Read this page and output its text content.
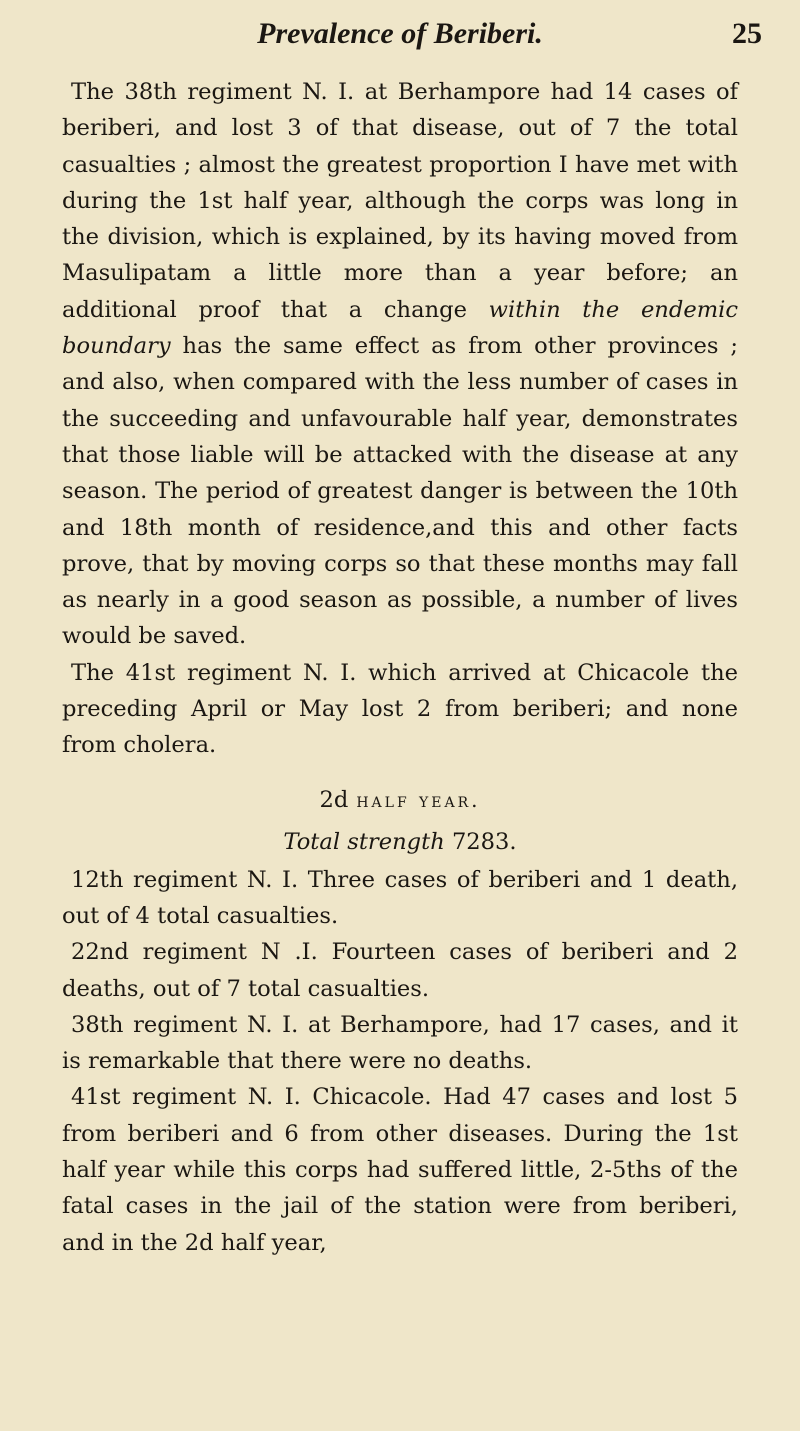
Prevalence of Beriberi.	25

The 38th regiment N. I. at Berhampore had 14 cases of beriberi, and lost 3 of that disease, out of 7 the total casualties ; almost the greatest proportion I have met with during the 1st half year, although the corps was long in the division, which is explained, by its having moved from Masulipatam a little more than a year before; an additional proof that a change within the endemic boundary has the same effect as from other provinces ; and also, when compared with the less number of cases in the succeeding and unfavourable half year, demonstrates that those liable will be attacked with the disease at any season. The period of greatest danger is between the 10th and 18th month of residence,and this and other facts prove, that by moving corps so that these months may fall as nearly in a good season as possible, a number of lives would be saved.

The 41st regiment N. I. which arrived at Chicacole the preceding April or May lost 2 from beriberi; and none from cholera.

2d half year.
Total strength 7283.

12th regiment N. I. Three cases of beriberi and 1 death, out of 4 total casualties.

22nd regiment N .I. Fourteen cases of beriberi and 2 deaths, out of 7 total casualties.

38th regiment N. I. at Berhampore, had 17 cases, and it is remarkable that there were no deaths.

41st regiment N. I. Chicacole. Had 47 cases and lost 5 from beriberi and 6 from other diseases. During the 1st half year while this corps had suffered little, 2-5ths of the fatal cases in the jail of the station were from beriberi, and in the 2d half year,
